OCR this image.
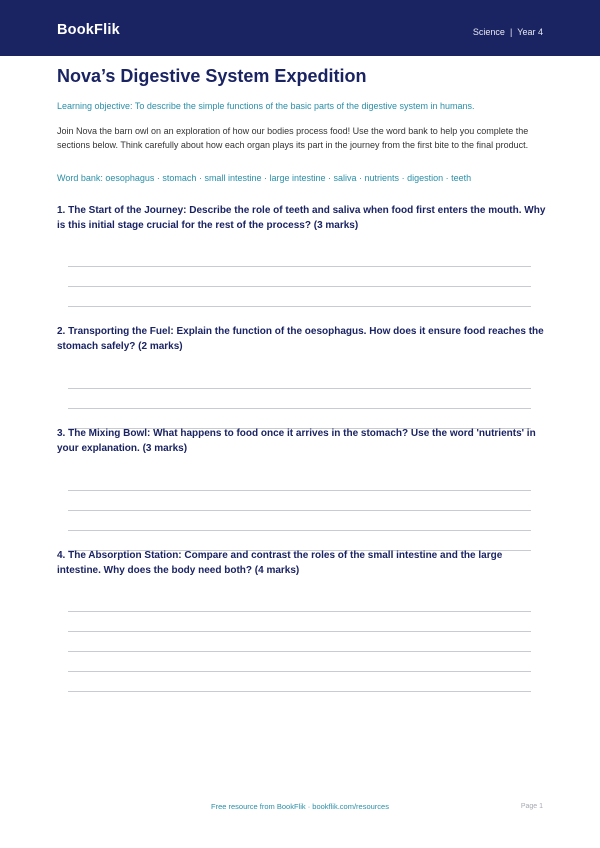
BookFlik	Science | Year 4
Nova’s Digestive System Expedition
Learning objective: To describe the simple functions of the basic parts of the digestive system in humans.
Join Nova the barn owl on an exploration of how our bodies process food! Use the word bank to help you complete the sections below. Think carefully about how each organ plays its part in the journey from the first bite to the final product.
Word bank: oesophagus · stomach · small intestine · large intestine · saliva · nutrients · digestion · teeth
1. The Start of the Journey: Describe the role of teeth and saliva when food first enters the mouth. Why is this initial stage crucial for the rest of the process? (3 marks)
2. Transporting the Fuel: Explain the function of the oesophagus. How does it ensure food reaches the stomach safely? (2 marks)
3. The Mixing Bowl: What happens to food once it arrives in the stomach? Use the word 'nutrients' in your explanation. (3 marks)
4. The Absorption Station: Compare and contrast the roles of the small intestine and the large intestine. Why does the body need both? (4 marks)
Free resource from BookFlik · bookflik.com/resources	Page 1
